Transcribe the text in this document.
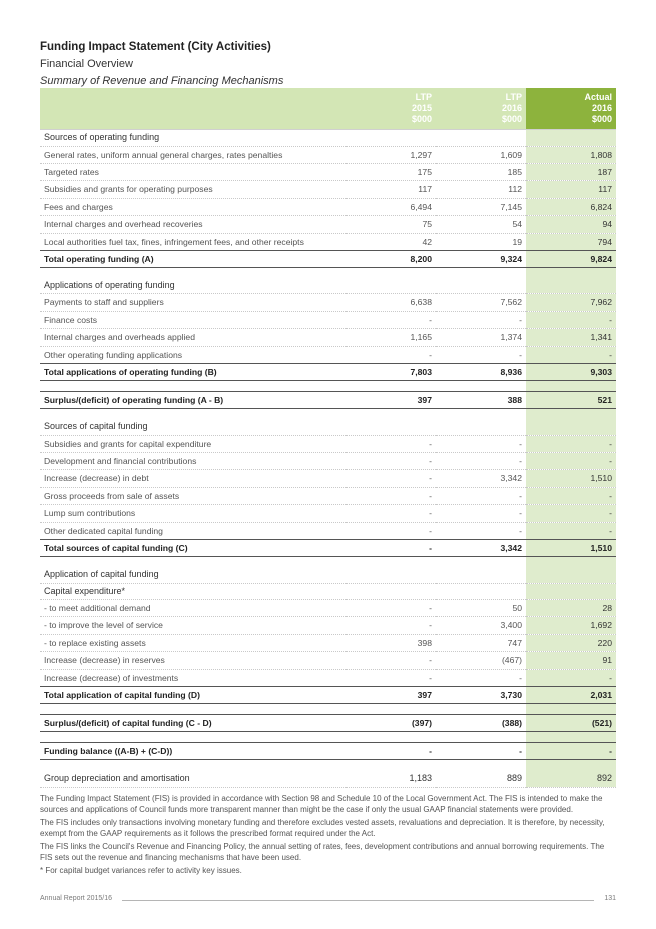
Funding Impact Statement (City Activities)
Financial Overview
Summary of Revenue and Financing Mechanisms
	LTP	LTP	Actual
	2015	2016	2016
	$000	$000	$000
Sources of operating funding			
General rates, uniform annual general charges, rates penalties	1,297	1,609	1,808
Targeted rates	175	185	187
Subsidies and grants for operating purposes	117	112	117
Fees and charges	6,494	7,145	6,824
Internal charges and overhead recoveries	75	54	94
Local authorities fuel tax, fines, infringement fees, and other receipts	42	19	794
Total operating funding (A)	8,200	9,324	9,824

Applications of operating funding			
Payments to staff and suppliers	6,638	7,562	7,962
Finance costs	-	-	-
Internal charges and overheads applied	1,165	1,374	1,341
Other operating funding applications	-	-	-
Total applications of operating funding (B)	7,803	8,936	9,303

Surplus/(deficit) of operating funding (A - B)	397	388	521

Sources of capital funding			
Subsidies and grants for capital expenditure	-	-	-
Development and financial contributions	-	-	-
Increase (decrease) in debt	-	3,342	1,510
Gross proceeds from sale of assets	-	-	-
Lump sum contributions	-	-	-
Other dedicated capital funding	-	-	-
Total sources of capital funding (C)	-	3,342	1,510

Application of capital funding			
Capital expenditure*			
- to meet additional demand	-	50	28
- to improve the level of service	-	3,400	1,692
- to replace existing assets	398	747	220
Increase (decrease) in reserves	-	(467)	91
Increase (decrease) of investments	-	-	-
Total application of capital funding (D)	397	3,730	2,031

Surplus/(deficit) of capital funding (C - D)	(397)	(388)	(521)

Funding balance ((A-B) + (C-D))	-	-	-

Group depreciation and amortisation	1,183	889	892

The Funding Impact Statement (FIS) is provided in accordance with Section 98 and Schedule 10 of the Local Government Act. The FIS is intended to make the sources and applications of Council funds more transparent manner than might be the case if only the usual GAAP financial statements were provided.

The FIS includes only transactions involving monetary funding and therefore excludes vested assets, revaluations and depreciation. It is therefore, by necessity, exempt from the GAAP requirements as it follows the prescribed format required under the Act.

The FIS links the Council's Revenue and Financing Policy, the annual setting of rates, fees, development contributions and annual borrowing requirements. The FIS sets out the revenue and financing mechanisms that have been used.

* For capital budget variances refer to activity key issues.

Annual Report 2015/16	131
